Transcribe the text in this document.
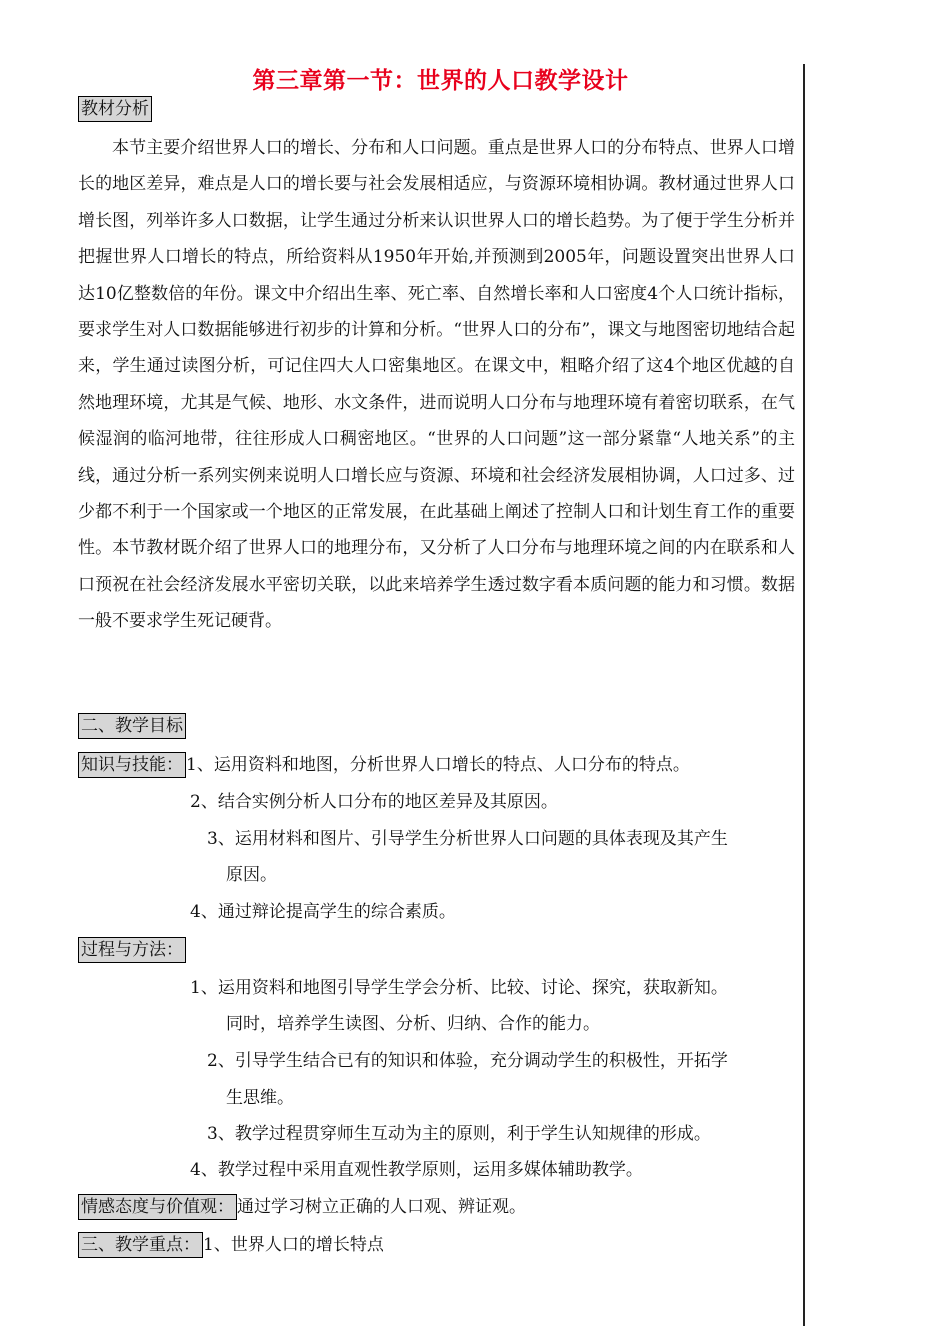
第三章第一节：世界的人口教学设计
教材分析
本节主要介绍世界人口的增长、分布和人口问题。重点是世界人口的分布特点、世界人口增长的地区差异，难点是人口的增长要与社会发展相适应，与资源环境相协调。教材通过世界人口增长图，列举许多人口数据，让学生通过分析来认识世界人口的增长趋势。为了便于学生分析并把握世界人口增长的特点，所给资料从1950年开始,并预测到2005年，问题设置突出世界人口达10亿整数倍的年份。课文中介绍出生率、死亡率、自然增长率和人口密度4个人口统计指标，要求学生对人口数据能够进行初步的计算和分析。“世界人口的分布”，课文与地图密切地结合起来，学生通过读图分析，可记住四大人口密集地区。在课文中，粗略介绍了这4个地区优越的自然地理环境，尤其是气候、地形、水文条件，进而说明人口分布与地理环境有着密切联系，在气候湿润的临河地带，往往形成人口稠密地区。“世界的人口问题”这一部分紧靠“人地关系”的主线，通过分析一系列实例来说明人口增长应与资源、环境和社会经济发展相协调，人口过多、过少都不利于一个国家或一个地区的正常发展，在此基础上阐述了控制人口和计划生育工作的重要性。本节教材既介绍了世界人口的地理分布，又分析了人口分布与地理环境之间的内在联系和人口预祝在社会经济发展水平密切关联，以此来培养学生透过数字看本质问题的能力和习惯。数据一般不要求学生死记硬背。
二、教学目标
知识与技能： 1、运用资料和地图，分析世界人口增长的特点、人口分布的特点。
2、结合实例分析人口分布的地区差异及其原因。
3、运用材料和图片、引导学生分析世界人口问题的具体表现及其产生
原因。
4、通过辩论提高学生的综合素质。
过程与方法：
1、运用资料和地图引导学生学会分析、比较、讨论、探究，获取新知。
同时，培养学生读图、分析、归纳、合作的能力。
2、引导学生结合已有的知识和体验，充分调动学生的积极性，开拓学
生思维。
3、教学过程贯穿师生互动为主的原则，利于学生认知规律的形成。
4、教学过程中采用直观性教学原则，运用多媒体辅助教学。
情感态度与价值观： 通过学习树立正确的人口观、辨证观。
三、教学重点： 1、世界人口的增长特点
